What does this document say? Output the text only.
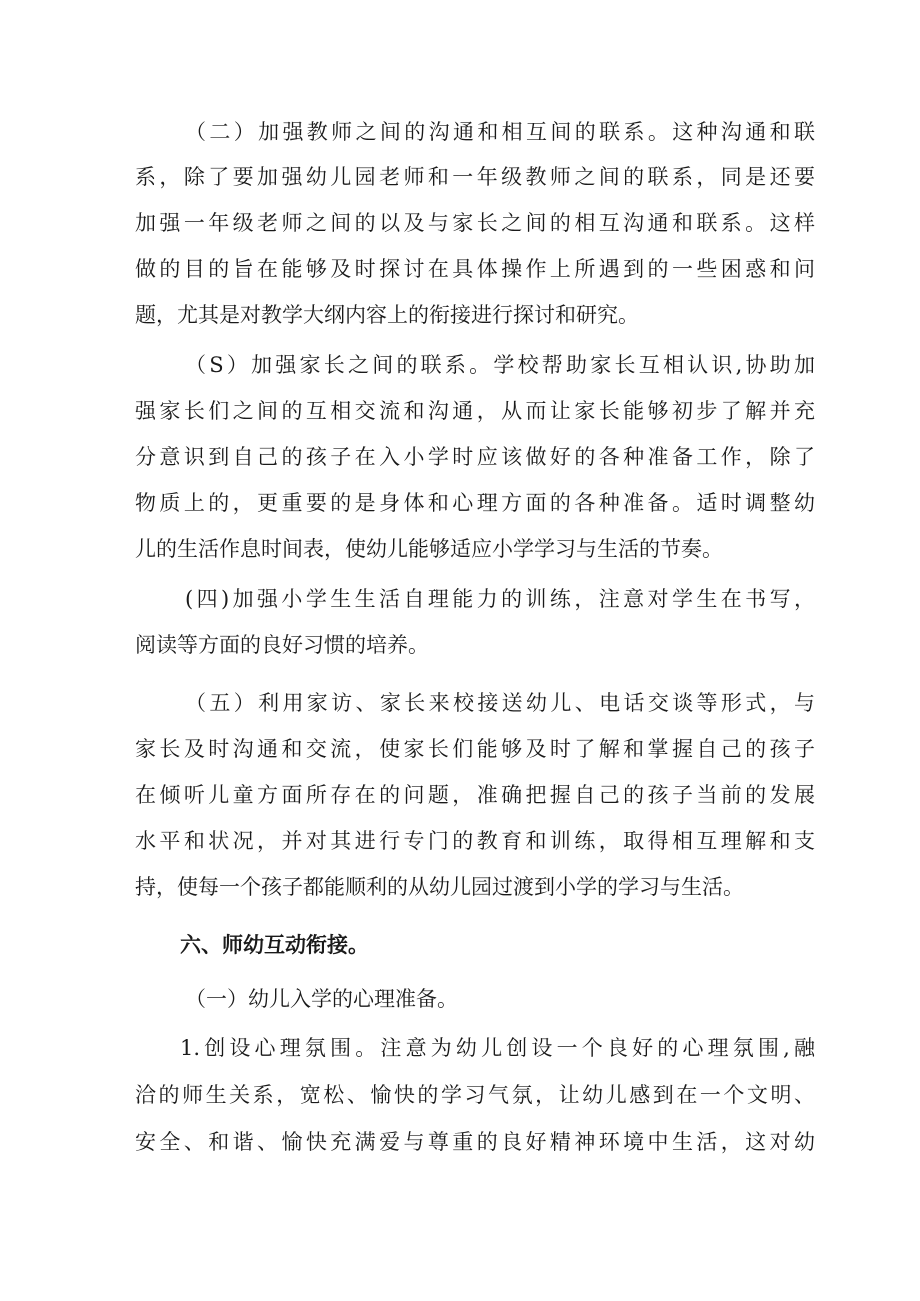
（二）加强教师之间的沟通和相互间的联系。这种沟通和联

系，除了要加强幼儿园老师和一年级教师之间的联系，同是还要

加强一年级老师之间的以及与家长之间的相互沟通和联系。这样

做的目的旨在能够及时探讨在具体操作上所遇到的一些困惑和问

题，尤其是对教学大纲内容上的衔接进行探讨和研究。

（S）加强家长之间的联系。学校帮助家长互相认识,协助加

强家长们之间的互相交流和沟通，从而让家长能够初步了解并充

分意识到自己的孩子在入小学时应该做好的各种准备工作，除了

物质上的，更重要的是身体和心理方面的各种准备。适时调整幼

儿的生活作息时间表，使幼儿能够适应小学学习与生活的节奏。

(四)加强小学生生活自理能力的训练，注意对学生在书写，

阅读等方面的良好习惯的培养。

（五）利用家访、家长来校接送幼儿、电话交谈等形式，与

家长及时沟通和交流，使家长们能够及时了解和掌握自己的孩子

在倾听儿童方面所存在的问题，准确把握自己的孩子当前的发展

水平和状况，并对其进行专门的教育和训练，取得相互理解和支

持，使每一个孩子都能顺利的从幼儿园过渡到小学的学习与生活。

六、师幼互动衔接。

（一）幼儿入学的心理准备。

1.创设心理氛围。注意为幼儿创设一个良好的心理氛围,融

洽的师生关系，宽松、愉快的学习气氛，让幼儿感到在一个文明、

安全、和谐、愉快充满爱与尊重的良好精神环境中生活，这对幼
